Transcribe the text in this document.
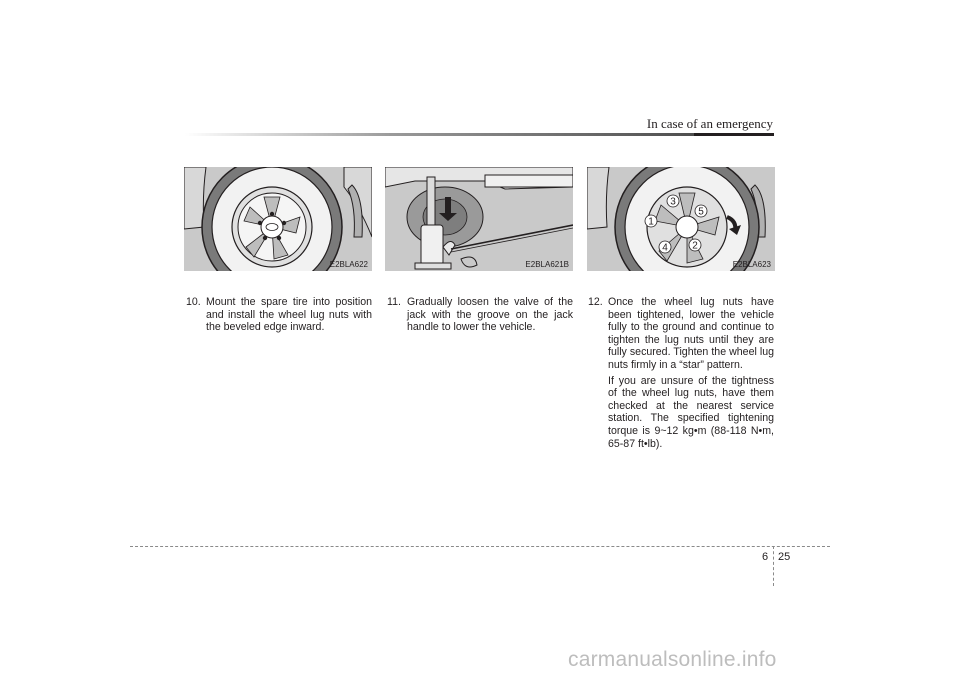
In case of an emergency
E2BLA622	E2BLA621B
3
5
1
2
4
E2BLA623

10. Mount the spare tire into position and install the wheel lug nuts with the beveled edge inward.

11. Gradually loosen the valve of the jack with the groove on the jack handle to lower the vehicle.

12. Once the wheel lug nuts have been tightened, lower the vehicle fully to the ground and continue to tighten the lug nuts until they are fully secured. Tighten the wheel lug nuts firmly in a “star” pattern.

If you are unsure of the tightness of the wheel lug nuts, have them checked at the nearest service station. The specified tightening torque is 9~12 kg•m (88-118 N•m, 65-87 ft•lb).

6 25
carmanualsonline.info
